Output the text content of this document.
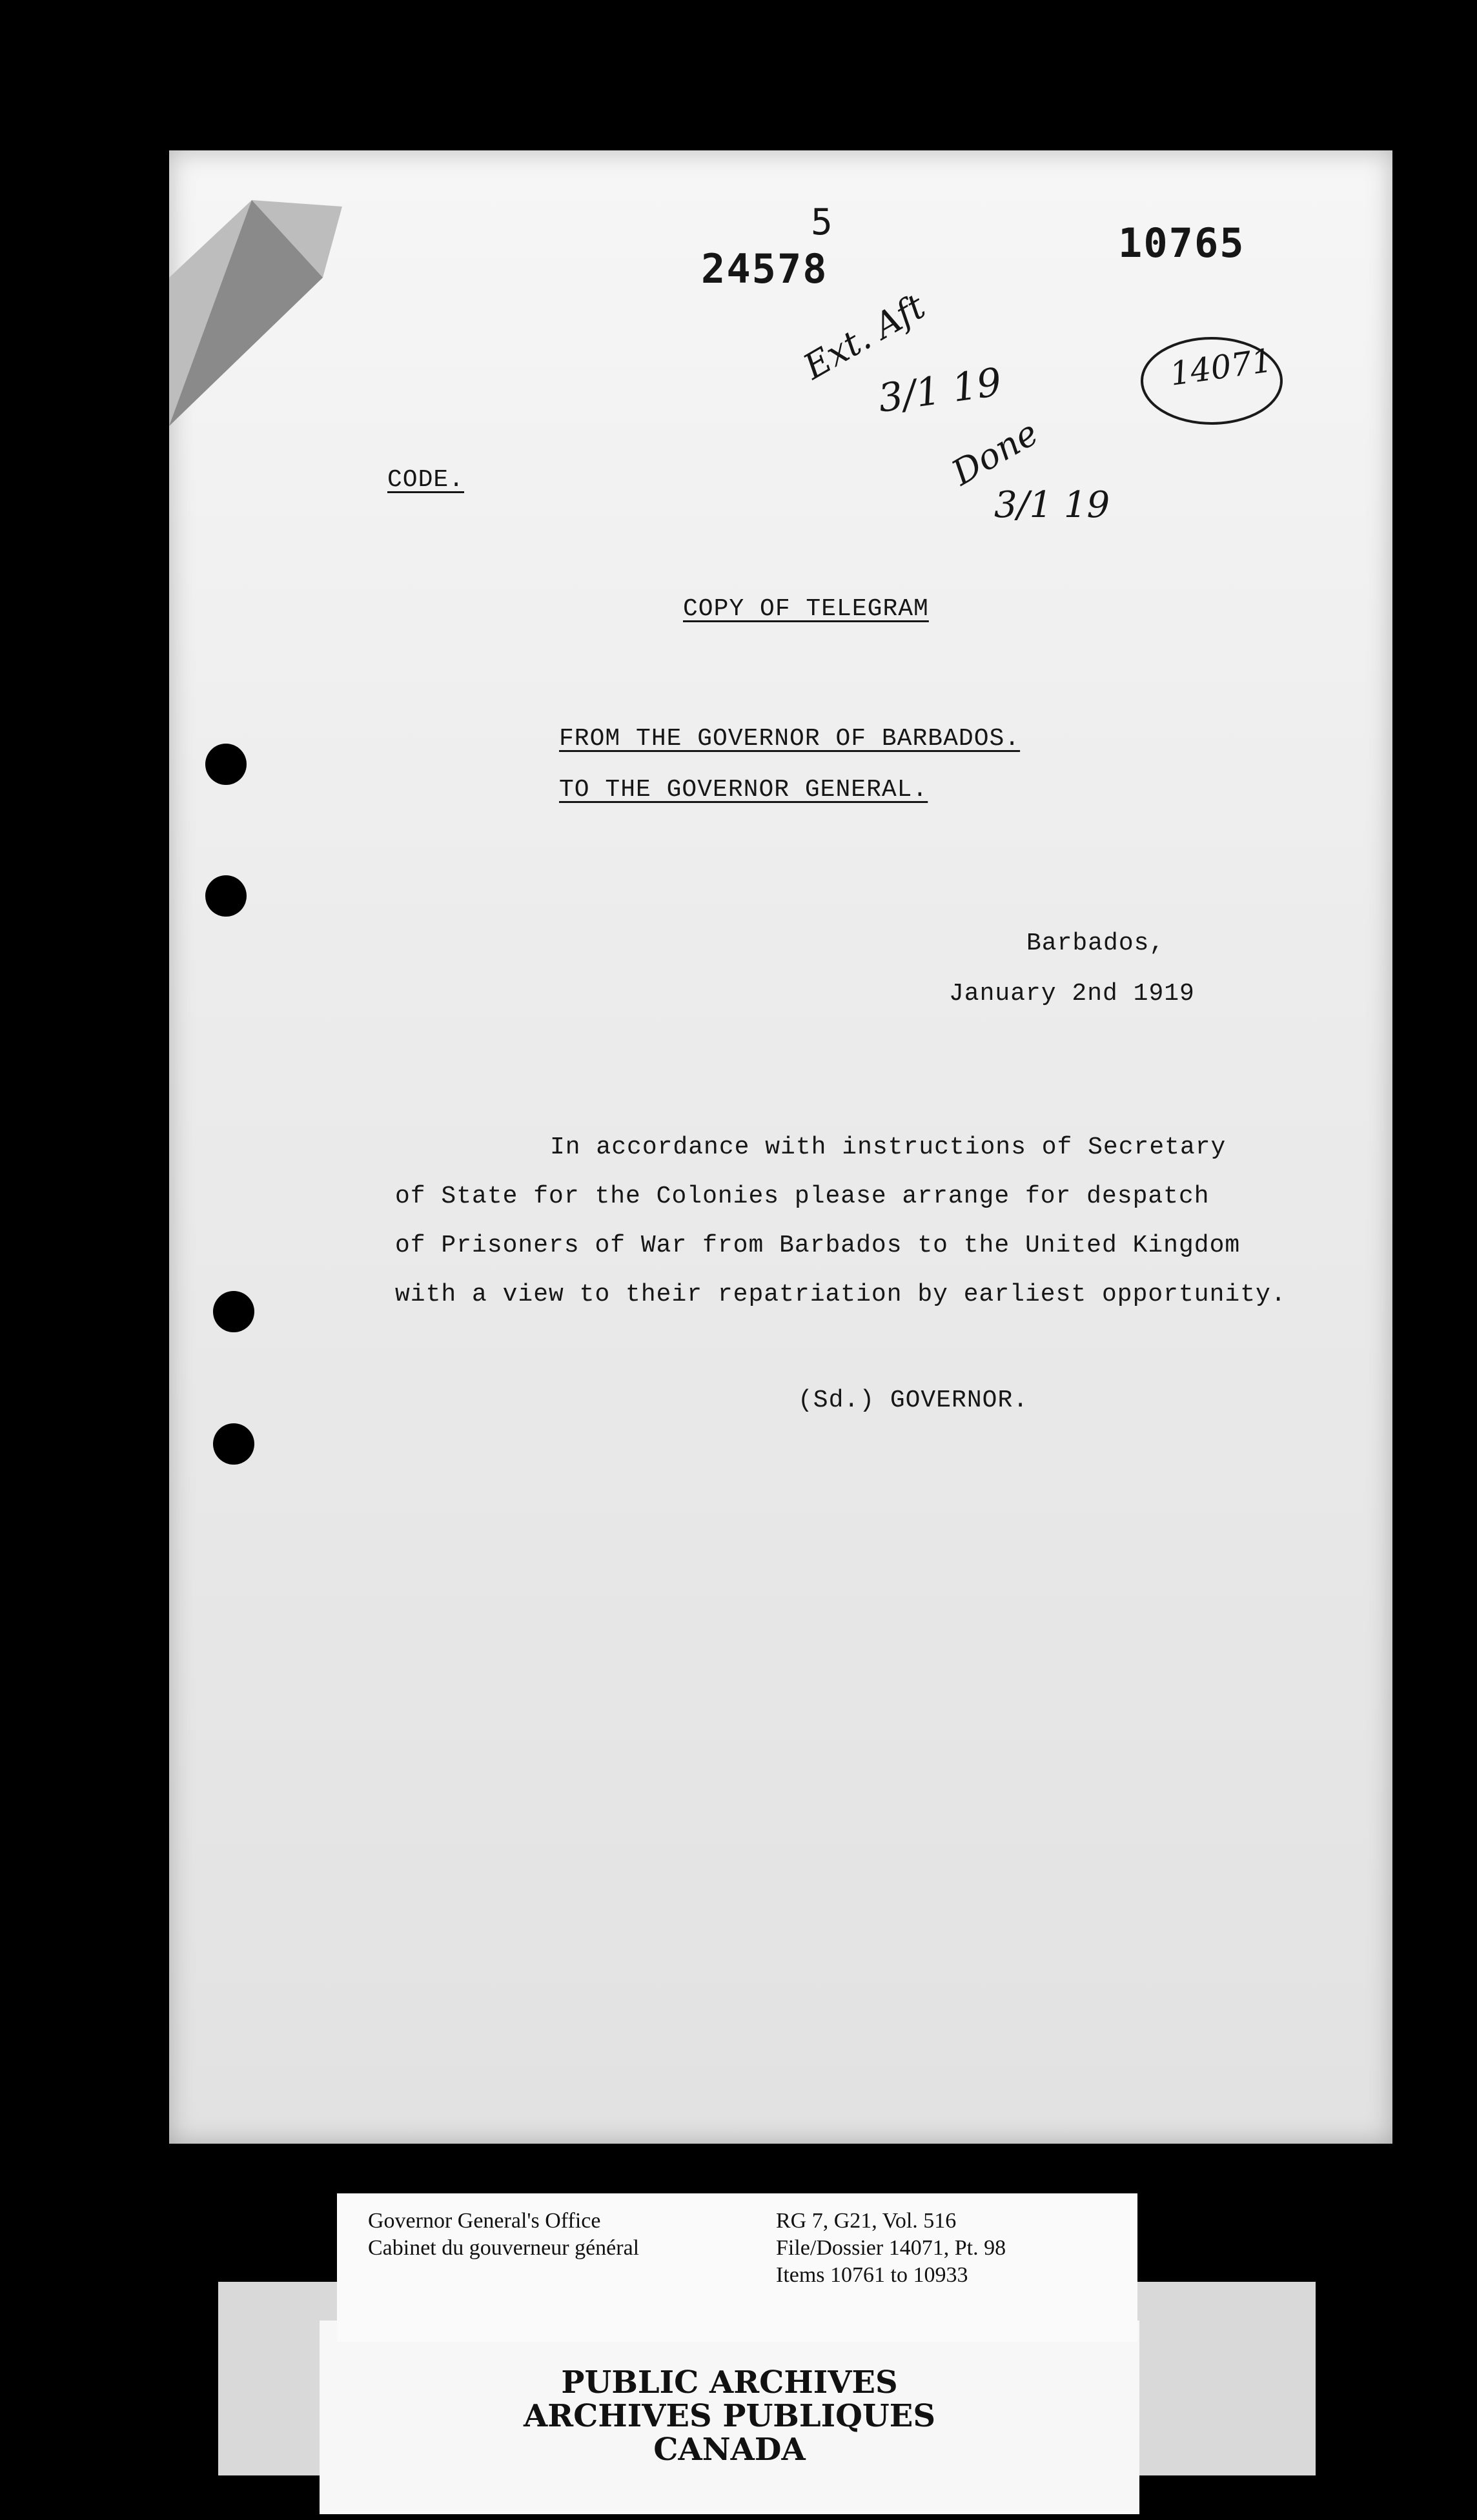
24578
5	10765
14071
Ext. Aft
3/1 19
Done
3/1 19
CODE.
COPY OF TELEGRAM
FROM THE GOVERNOR OF BARBADOS.
TO THE GOVERNOR GENERAL.
Barbados,
January 2nd 1919
In accordance with instructions of Secretary
of State for the Colonies please arrange for despatch
of Prisoners of War from Barbados to the United Kingdom
with a view to their repatriation by earliest opportunity.
(Sd.) GOVERNOR.
Governor General's Office
Cabinet du gouverneur général
RG 7, G21, Vol. 516
File/Dossier 14071, Pt. 98
Items 10761 to 10933
PUBLIC ARCHIVES
ARCHIVES PUBLIQUES
CANADA
